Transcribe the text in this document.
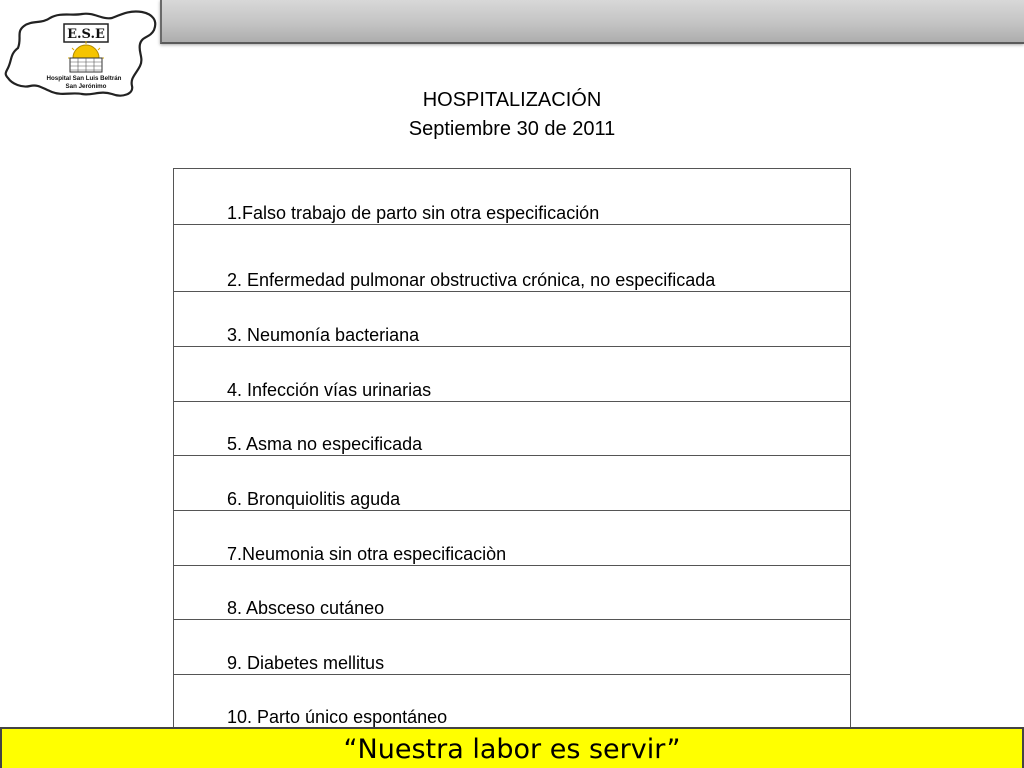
E.S.E
Hospital San Luis Beltrán
San Jerónimo
HOSPITALIZACIÓN
Septiembre 30 de 2011
1.Falso trabajo de parto sin otra especificación
2. Enfermedad pulmonar obstructiva crónica, no especificada
3. Neumonía bacteriana
4. Infección vías urinarias
5. Asma no especificada
6. Bronquiolitis aguda
7.Neumonia sin otra especificaciòn
8. Absceso cutáneo
9. Diabetes mellitus
10. Parto único espontáneo
“Nuestra labor es servir”
